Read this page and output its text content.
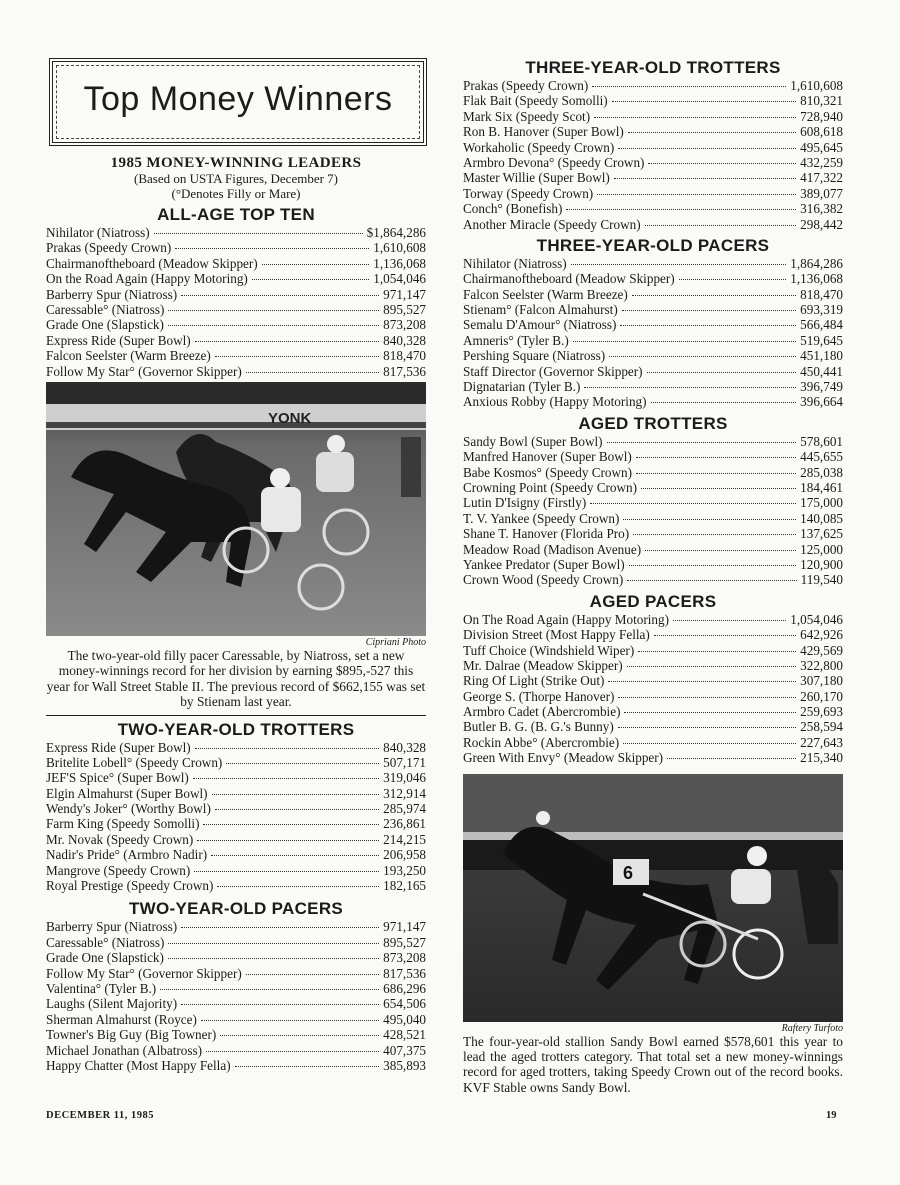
Top Money Winners
1985 MONEY-WINNING LEADERS
(Based on USTA Figures, December 7)
(°Denotes Filly or Mare)
ALL-AGE TOP TEN
Nihilator (Niatross)	$1,864,286
Prakas (Speedy Crown)	1,610,608
Chairmanoftheboard (Meadow Skipper)	1,136,068
On the Road Again (Happy Motoring)	1,054,046
Barberry Spur (Niatross)	971,147
Caressable° (Niatross)	895,527
Grade One (Slapstick)	873,208
Express Ride (Super Bowl)	840,328
Falcon Seelster (Warm Breeze)	818,470
Follow My Star° (Governor Skipper)	817,536
YONK
Cipriani Photo
The two-year-old filly pacer Caressable, by Niatross, set a new money-winnings record for her division by earning $895,-527 this year for Wall Street Stable II. The previous record of $662,155 was set by Stienam last year.
TWO-YEAR-OLD TROTTERS
Express Ride (Super Bowl)	840,328
Britelite Lobell° (Speedy Crown)	507,171
JEF'S Spice° (Super Bowl)	319,046
Elgin Almahurst (Super Bowl)	312,914
Wendy's Joker° (Worthy Bowl)	285,974
Farm King (Speedy Somolli)	236,861
Mr. Novak (Speedy Crown)	214,215
Nadir's Pride° (Armbro Nadir)	206,958
Mangrove (Speedy Crown)	193,250
Royal Prestige (Speedy Crown)	182,165
TWO-YEAR-OLD PACERS
Barberry Spur (Niatross)	971,147
Caressable° (Niatross)	895,527
Grade One (Slapstick)	873,208
Follow My Star° (Governor Skipper)	817,536
Valentina° (Tyler B.)	686,296
Laughs (Silent Majority)	654,506
Sherman Almahurst (Royce)	495,040
Towner's Big Guy (Big Towner)	428,521
Michael Jonathan (Albatross)	407,375
Happy Chatter (Most Happy Fella)	385,893
THREE-YEAR-OLD TROTTERS
Prakas (Speedy Crown)	1,610,608
Flak Bait (Speedy Somolli)	810,321
Mark Six (Speedy Scot)	728,940
Ron B. Hanover (Super Bowl)	608,618
Workaholic (Speedy Crown)	495,645
Armbro Devona° (Speedy Crown)	432,259
Master Willie (Super Bowl)	417,322
Torway (Speedy Crown)	389,077
Conch° (Bonefish)	316,382
Another Miracle (Speedy Crown)	298,442
THREE-YEAR-OLD PACERS
Nihilator (Niatross)	1,864,286
Chairmanoftheboard (Meadow Skipper)	1,136,068
Falcon Seelster (Warm Breeze)	818,470
Stienam° (Falcon Almahurst)	693,319
Semalu D'Amour° (Niatross)	566,484
Amneris° (Tyler B.)	519,645
Pershing Square (Niatross)	451,180
Staff Director (Governor Skipper)	450,441
Dignatarian (Tyler B.)	396,749
Anxious Robby (Happy Motoring)	396,664
AGED TROTTERS
Sandy Bowl (Super Bowl)	578,601
Manfred Hanover (Super Bowl)	445,655
Babe Kosmos° (Speedy Crown)	285,038
Crowning Point (Speedy Crown)	184,461
Lutin D'Isigny (Firstly)	175,000
T. V. Yankee (Speedy Crown)	140,085
Shane T. Hanover (Florida Pro)	137,625
Meadow Road (Madison Avenue)	125,000
Yankee Predator (Super Bowl)	120,900
Crown Wood (Speedy Crown)	119,540
AGED PACERS
On The Road Again (Happy Motoring)	1,054,046
Division Street (Most Happy Fella)	642,926
Tuff Choice (Windshield Wiper)	429,569
Mr. Dalrae (Meadow Skipper)	322,800
Ring Of Light (Strike Out)	307,180
George S. (Thorpe Hanover)	260,170
Armbro Cadet (Abercrombie)	259,693
Butler B. G. (B. G.'s Bunny)	258,594
Rockin Abbe° (Abercrombie)	227,643
Green With Envy° (Meadow Skipper)	215,340
6
Raftery Turfoto
The four-year-old stallion Sandy Bowl earned $578,601 this year to lead the aged trotters category. That total set a new money-winnings record for aged trotters, taking Speedy Crown out of the record books. KVF Stable owns Sandy Bowl.
DECEMBER 11, 1985	19
